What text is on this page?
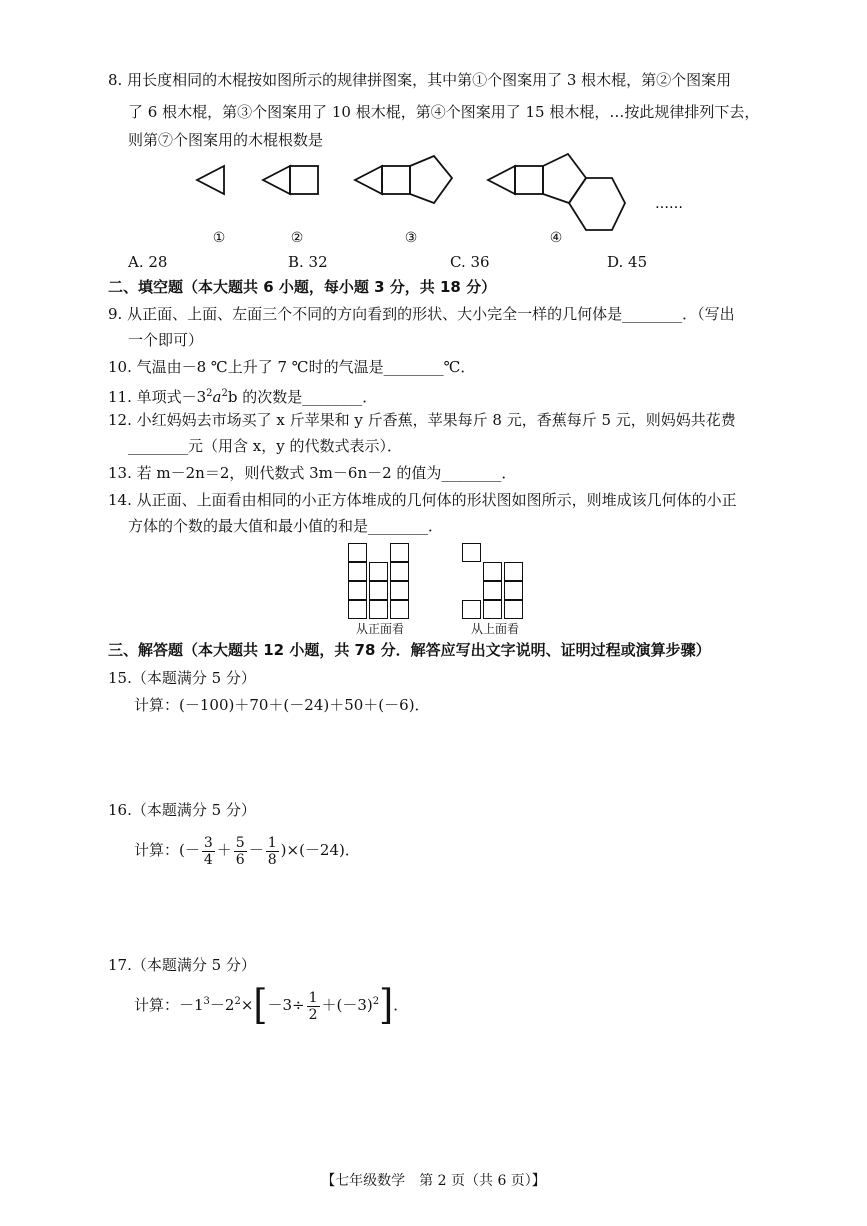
8. 用长度相同的木棍按如图所示的规律拼图案，其中第①个图案用了 3 根木棍，第②个图案用
了 6 根木棍，第③个图案用了 10 根木棍，第④个图案用了 15 根木棍，…按此规律排列下去，
则第⑦个图案用的木棍根数是
……
①	②	③	④
A. 28	B. 32	C. 36	D. 45
二、填空题（本大题共 6 小题，每小题 3 分，共 18 分）
9. 从正面、上面、左面三个不同的方向看到的形状、大小完全一样的几何体是________．（写出
一个即可）
10. 气温由－8 ℃上升了 7 ℃时的气温是________℃．
11. 单项式$-3^2a^2b$ 的次数是________．
12. 小红妈妈去市场买了 x 斤苹果和 y 斤香蕉，苹果每斤 8 元，香蕉每斤 5 元，则妈妈共花费
________元（用含 x，y 的代数式表示）．
13. 若 m－2n＝2，则代数式 3m－6n－2 的值为________．
14. 从正面、上面看由相同的小正方体堆成的几何体的形状图如图所示，则堆成该几何体的小正
方体的个数的最大值和最小值的和是________．
从正面看	从上面看
三、解答题（本大题共 12 小题，共 78 分．解答应写出文字说明、证明过程或演算步骤）
15.（本题满分 5 分）
计算：(－100)＋70＋(－24)＋50＋(－6)．
16.（本题满分 5 分）
计算：(－ $\frac{3}{4} + \frac{5}{6} - \frac{1}{8} )\times(-24)$．
17.（本题满分 5 分）
计算：$-1^3-2^2\times[-3\div \frac{1}{2} +(-3)^2]$．
【七年级数学　第 2 页（共 6 页）】
